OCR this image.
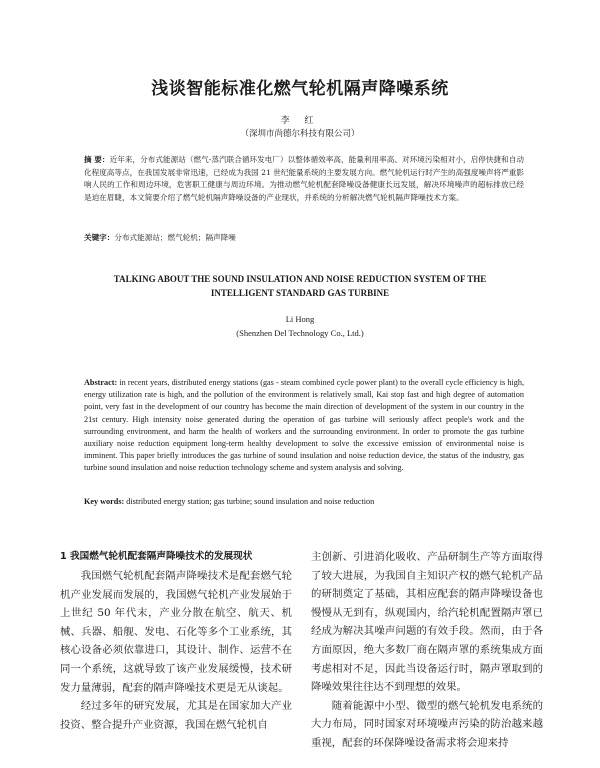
浅谈智能标准化燃气轮机隔声降噪系统
李 红
（深圳市尚德尔科技有限公司）
摘 要：近年来，分布式能源站（燃气-蒸汽联合循环发电厂）以整体循效率高，能量利用率高、对环境污染相对小，启停快捷和自动化程度高等点，在我国发展非常迅速，已经成为我国 21 世纪能量系统的主要发展方向。燃气轮机运行时产生的高强度噪声将严重影响人民的工作和周边环境，危害职工健康与周边环境。为推动燃气轮机配套降噪设备健康长远发展，解决环境噪声的超标排放已经是迫在眉睫，本文简要介绍了燃气轮机隔声降噪设备的产业现状，并系统的分析解决燃气轮机隔声降噪技术方案。
关键字：分布式能源站；燃气轮机；隔声降噪
TALKING ABOUT THE SOUND INSULATION AND NOISE REDUCTION SYSTEM OF THE INTELLIGENT STANDARD GAS TURBINE
Li Hong
(Shenzhen Del Technology Co., Ltd.)
Abstract: in recent years, distributed energy stations (gas - steam combined cycle power plant) to the overall cycle efficiency is high, energy utilization rate is high, and the pollution of the environment is relatively small, Kai stop fast and high degree of automation point, very fast in the development of our country has become the main direction of development of the system in our country in the 21st century. High intensity noise generated during the operation of gas turbine will seriously affect people's work and the surrounding environment, and harm the health of workers and the surrounding environment. In order to promote the gas turbine auxiliary noise reduction equipment long-term healthy development to solve the excessive emission of environmental noise is imminent. This paper briefly introduces the gas turbine of sound insulation and noise reduction device, the status of the industry, gas turbine sound insulation and noise reduction technology scheme and system analysis and solving.
Key words: distributed energy station; gas turbine; sound insulation and noise reduction

1 我国燃气轮机配套隔声降噪技术的发展现状

我国燃气轮机配套隔声降噪技术是配套燃气轮机产业发展而发展的，我国燃气轮机产业发展始于上世纪 50 年代末，产业分散在航空、航天、机械、兵器、船舰、发电、石化等多个工业系统，其核心设备必须依靠进口，其设计、制作、运营不在同一个系统，这就导致了该产业发展缓慢，技术研发力量薄弱，配套的隔声降噪技术更是无从谈起。

经过多年的研究发展，尤其是在国家加大产业投资、整合提升产业资源，我国在燃气轮机自

主创新、引进消化吸收、产品研制生产等方面取得了较大进展，为我国自主知识产权的燃气轮机产品的研制奠定了基础，其相应配套的隔声降噪设备也慢慢从无到有，纵观国内，给汽轮机配置隔声罩已经成为解决其噪声问题的有效手段。然而，由于各方面原因，绝大多数厂商在隔声罩的系统集成方面考虑相对不足，因此当设备运行时，隔声罩取到的降噪效果往往达不到理想的效果。

随着能源中小型、微型的燃气轮机发电系统的大力布局，同时国家对环境噪声污染的防治越来越重视，配套的环保降噪设备需求将会迎来持
